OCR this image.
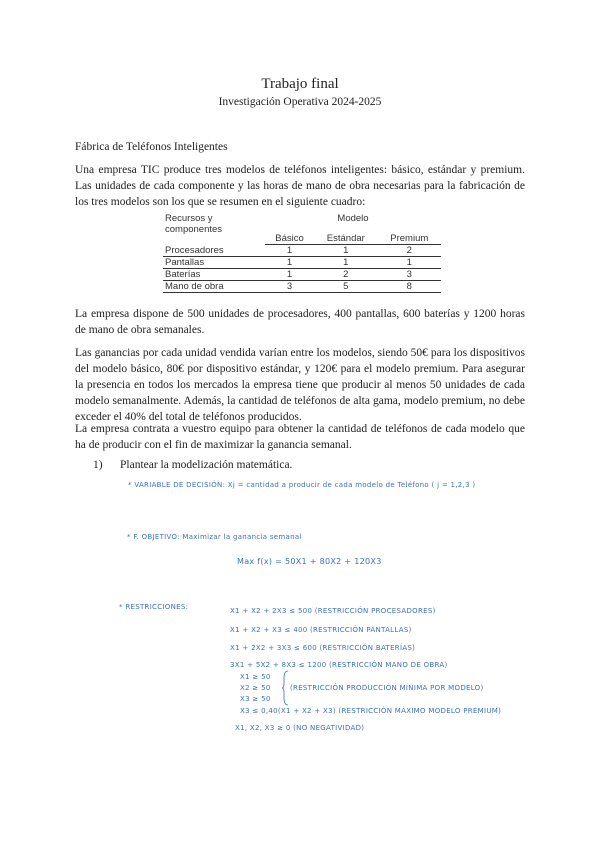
Trabajo final
Investigación Operativa 2024-2025
Fábrica de Teléfonos Inteligentes

Una empresa TIC produce tres modelos de teléfonos inteligentes: básico, estándar y premium. Las unidades de cada componente y las horas de mano de obra necesarias para la fabricación de los tres modelos son los que se resumen en el siguiente cuadro:

Recursos y componentes	Modelo		
	Básico	Estándar	Premium
Procesadores	1	1	2
Pantallas	1	1	1
Baterías	1	2	3
Mano de obra	3	5	8

La empresa dispone de 500 unidades de procesadores, 400 pantallas, 600 baterías y 1200 horas de mano de obra semanales.

Las ganancias por cada unidad vendida varían entre los modelos, siendo 50€ para los dispositivos del modelo básico, 80€ por dispositivo estándar, y 120€ para el modelo premium. Para asegurar la presencia en todos los mercados la empresa tiene que producir al menos 50 unidades de cada modelo semanalmente. Además, la cantidad de teléfonos de alta gama, modelo premium, no debe exceder el 40% del total de teléfonos producidos.

La empresa contrata a vuestro equipo para obtener la cantidad de teléfonos de cada modelo que ha de producir con el fin de maximizar la ganancia semanal.

1) Plantear la modelización matemática.
* VARIABLE DE DECISIÓN: Xj = cantidad a producir de cada modelo de Teléfono ( j = 1,2,3 )
* F. OBJETIVO: Maximizar la ganancia semanal
Max f(x) = 50X1 + 80X2 + 120X3
* RESTRICCIONES:	X1 + X2 + 2X3 ≤ 500 (RESTRICCIÓN PROCESADORES)
X1 + X2 + X3 ≤ 400 (RESTRICCIÓN PANTALLAS)
X1 + 2X2 + 3X3 ≤ 600 (RESTRICCIÓN BATERÍAS)
3X1 + 5X2 + 8X3 ≤ 1200 (RESTRICCIÓN MANO DE OBRA)
X1 ≥ 50
X2 ≥ 50
X3 ≥ 50
(RESTRICCIÓN PRODUCCIÓN MÍNIMA POR MODELO)
X3 ≤ 0,40(X1 + X2 + X3) (RESTRICCIÓN MÁXIMO MODELO PREMIUM)
X1, X2, X3 ≥ 0 (NO NEGATIVIDAD)
